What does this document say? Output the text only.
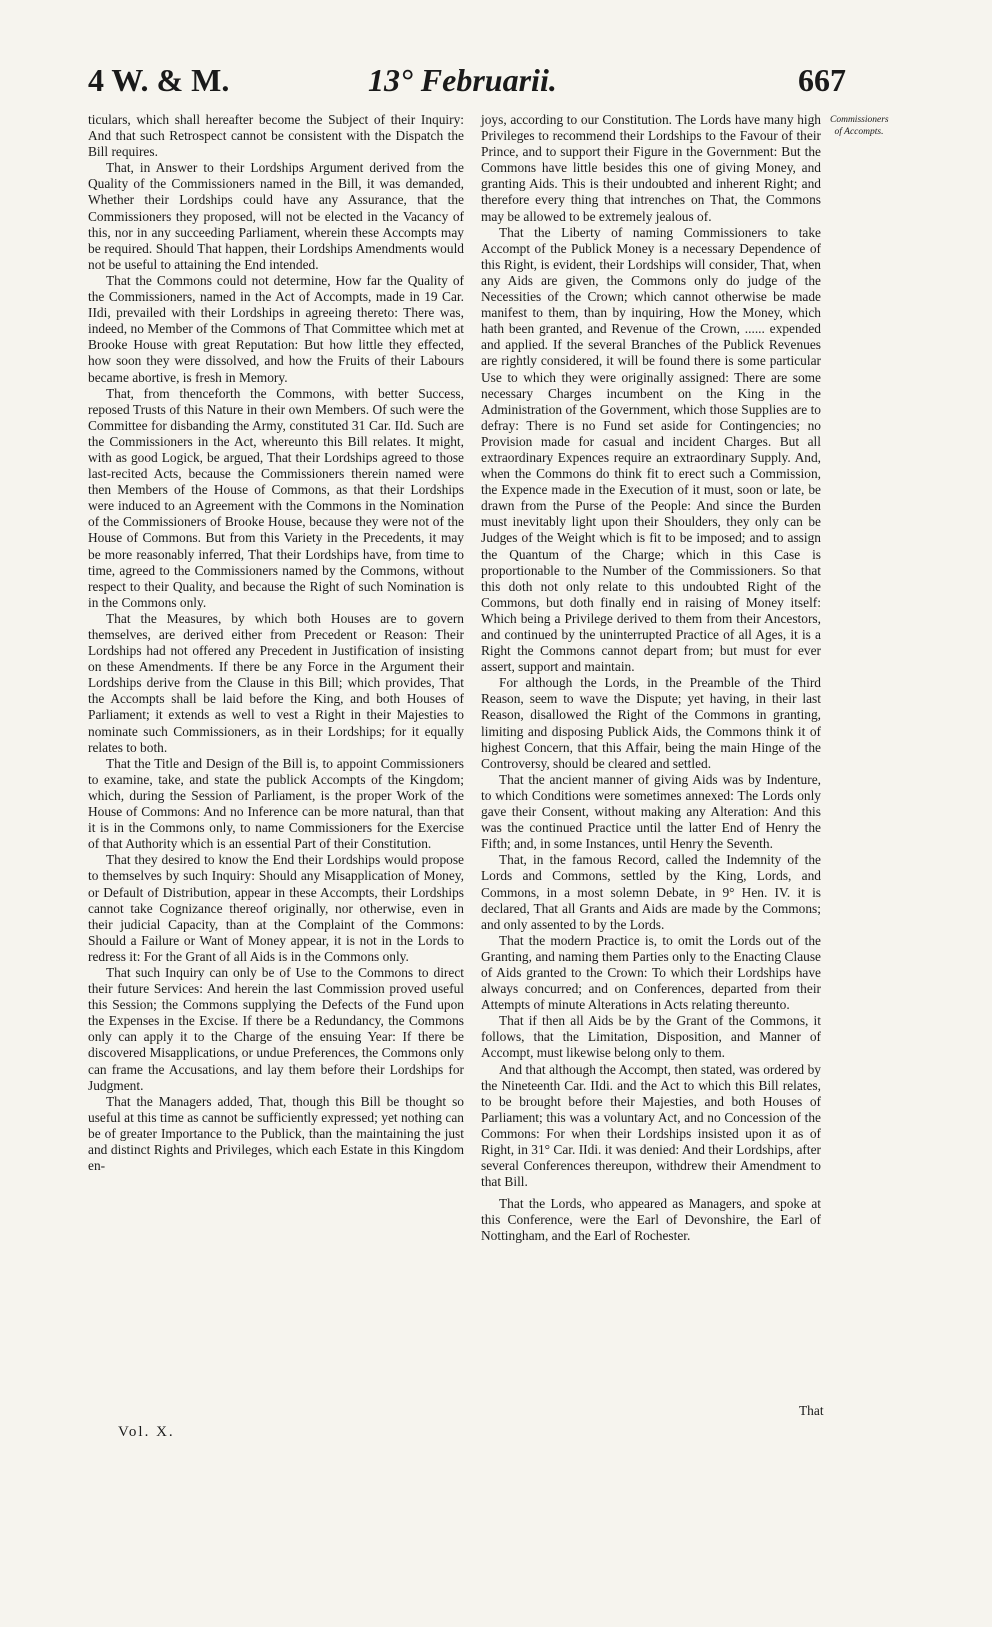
4 W. & M.	13° Februarii.	667

ticulars, which shall hereafter become the Subject of their Inquiry: And that such Retrospect cannot be consistent with the Dispatch the Bill requires.

That, in Answer to their Lordships Argument derived from the Quality of the Commissioners named in the Bill, it was demanded, Whether their Lordships could have any Assurance, that the Commissioners they proposed, will not be elected in the Vacancy of this, nor in any succeeding Parliament, wherein these Accompts may be required. Should That happen, their Lordships Amendments would not be useful to attaining the End intended.

That the Commons could not determine, How far the Quality of the Commissioners, named in the Act of Accompts, made in 19 Car. IIdi, prevailed with their Lordships in agreeing thereto: There was, indeed, no Member of the Commons of That Committee which met at Brooke House with great Reputation: But how little they effected, how soon they were dissolved, and how the Fruits of their Labours became abortive, is fresh in Memory.

That, from thenceforth the Commons, with better Success, reposed Trusts of this Nature in their own Members. Of such were the Committee for disbanding the Army, constituted 31 Car. IId. Such are the Commissioners in the Act, whereunto this Bill relates. It might, with as good Logick, be argued, That their Lordships agreed to those last-recited Acts, because the Commissioners therein named were then Members of the House of Commons, as that their Lordships were induced to an Agreement with the Commons in the Nomination of the Commissioners of Brooke House, because they were not of the House of Commons. But from this Variety in the Precedents, it may be more reasonably inferred, That their Lordships have, from time to time, agreed to the Commissioners named by the Commons, without respect to their Quality, and because the Right of such Nomination is in the Commons only.

That the Measures, by which both Houses are to govern themselves, are derived either from Precedent or Reason: Their Lordships had not offered any Precedent in Justification of insisting on these Amendments. If there be any Force in the Argument their Lordships derive from the Clause in this Bill; which provides, That the Accompts shall be laid before the King, and both Houses of Parliament; it extends as well to vest a Right in their Majesties to nominate such Commissioners, as in their Lordships; for it equally relates to both.

That the Title and Design of the Bill is, to appoint Commissioners to examine, take, and state the publick Accompts of the Kingdom; which, during the Session of Parliament, is the proper Work of the House of Commons: And no Inference can be more natural, than that it is in the Commons only, to name Commissioners for the Exercise of that Authority which is an essential Part of their Constitution.

That they desired to know the End their Lordships would propose to themselves by such Inquiry: Should any Misapplication of Money, or Default of Distribution, appear in these Accompts, their Lordships cannot take Cognizance thereof originally, nor otherwise, even in their judicial Capacity, than at the Complaint of the Commons: Should a Failure or Want of Money appear, it is not in the Lords to redress it: For the Grant of all Aids is in the Commons only.

That such Inquiry can only be of Use to the Commons to direct their future Services: And herein the last Commission proved useful this Session; the Commons supplying the Defects of the Fund upon the Expenses in the Excise. If there be a Redundancy, the Commons only can apply it to the Charge of the ensuing Year: If there be discovered Misapplications, or undue Preferences, the Commons only can frame the Accusations, and lay them before their Lordships for Judgment.

That the Managers added, That, though this Bill be thought so useful at this time as cannot be sufficiently expressed; yet nothing can be of greater Importance to the Publick, than the maintaining the just and distinct Rights and Privileges, which each Estate in this Kingdom en-

joys, according to our Constitution. The Lords have many high Privileges to recommend their Lordships to the Favour of their Prince, and to support their Figure in the Government: But the Commons have little besides this one of giving Money, and granting Aids. This is their undoubted and inherent Right; and therefore every thing that intrenches on That, the Commons may be allowed to be extremely jealous of.

That the Liberty of naming Commissioners to take Accompt of the Publick Money is a necessary Dependence of this Right, is evident, their Lordships will consider, That, when any Aids are given, the Commons only do judge of the Necessities of the Crown; which cannot otherwise be made manifest to them, than by inquiring, How the Money, which hath been granted, and Revenue of the Crown, ...... expended and applied. If the several Branches of the Publick Revenues are rightly considered, it will be found there is some particular Use to which they were originally assigned: There are some necessary Charges incumbent on the King in the Administration of the Government, which those Supplies are to defray: There is no Fund set aside for Contingencies; no Provision made for casual and incident Charges. But all extraordinary Expences require an extraordinary Supply. And, when the Commons do think fit to erect such a Commission, the Expence made in the Execution of it must, soon or late, be drawn from the Purse of the People: And since the Burden must inevitably light upon their Shoulders, they only can be Judges of the Weight which is fit to be imposed; and to assign the Quantum of the Charge; which in this Case is proportionable to the Number of the Commissioners. So that this doth not only relate to this undoubted Right of the Commons, but doth finally end in raising of Money itself: Which being a Privilege derived to them from their Ancestors, and continued by the uninterrupted Practice of all Ages, it is a Right the Commons cannot depart from; but must for ever assert, support and maintain.

For although the Lords, in the Preamble of the Third Reason, seem to wave the Dispute; yet having, in their last Reason, disallowed the Right of the Commons in granting, limiting and disposing Publick Aids, the Commons think it of highest Concern, that this Affair, being the main Hinge of the Controversy, should be cleared and settled.

That the ancient manner of giving Aids was by Indenture, to which Conditions were sometimes annexed: The Lords only gave their Consent, without making any Alteration: And this was the continued Practice until the latter End of Henry the Fifth; and, in some Instances, until Henry the Seventh.

That, in the famous Record, called the Indemnity of the Lords and Commons, settled by the King, Lords, and Commons, in a most solemn Debate, in 9° Hen. IV. it is declared, That all Grants and Aids are made by the Commons; and only assented to by the Lords.

That the modern Practice is, to omit the Lords out of the Granting, and naming them Parties only to the Enacting Clause of Aids granted to the Crown: To which their Lordships have always concurred; and on Conferences, departed from their Attempts of minute Alterations in Acts relating thereunto.

That if then all Aids be by the Grant of the Commons, it follows, that the Limitation, Disposition, and Manner of Accompt, must likewise belong only to them.

And that although the Accompt, then stated, was ordered by the Nineteenth Car. IIdi. and the Act to which this Bill relates, to be brought before their Majesties, and both Houses of Parliament; this was a voluntary Act, and no Concession of the Commons: For when their Lordships insisted upon it as of Right, in 31° Car. IIdi. it was denied: And their Lordships, after several Conferences thereupon, withdrew their Amendment to that Bill.

That the Lords, who appeared as Managers, and spoke at this Conference, were the Earl of Devonshire, the Earl of Nottingham, and the Earl of Rochester.

Commissioners of Accompts.
Vol. X.
That
